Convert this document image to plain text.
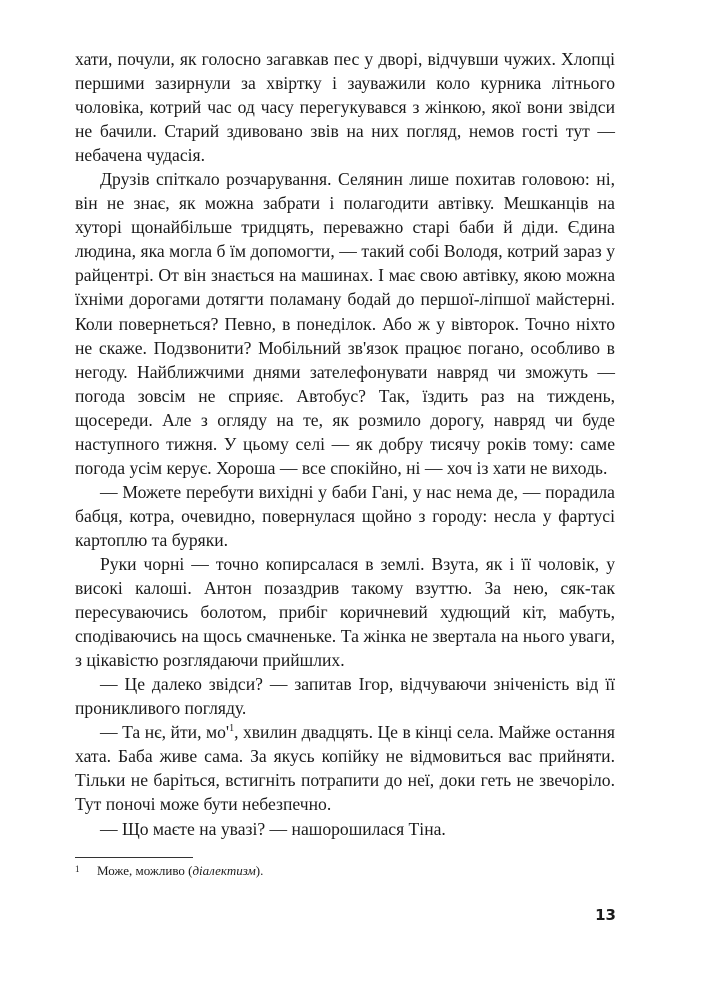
хати, почули, як голосно загавкав пес у дворі, відчувши чужих. Хлопці першими зазирнули за хвіртку і зауважили коло курника літнього чоловіка, котрий час од часу перегукувався з жінкою, якої вони звідси не бачили. Старий здивовано звів на них погляд, немов гості тут — небачена чудасія.

Друзів спіткало розчарування. Селянин лише похитав головою: ні, він не знає, як можна забрати і полагодити автівку. Мешканців на хуторі щонайбільше тридцять, переважно старі баби й діди. Єдина людина, яка могла б їм допомогти, — такий собі Володя, котрий зараз у райцентрі. От він знається на машинах. І має свою автівку, якою можна їхніми дорогами дотягти поламану бодай до першої-ліпшої майстерні. Коли повернеться? Певно, в понеділок. Або ж у вівторок. Точно ніхто не скаже. Подзвонити? Мобільний зв'язок працює погано, особливо в негоду. Найближчими днями зателефонувати навряд чи зможуть — погода зовсім не сприяє. Автобус? Так, їздить раз на тиждень, щосереди. Але з огляду на те, як розмило дорогу, навряд чи буде наступного тижня. У цьому селі — як добру тисячу років тому: саме погода усім керує. Хороша — все спокійно, ні — хоч із хати не виходь.

— Можете перебути вихідні у баби Гані, у нас нема де, — порадила бабця, котра, очевидно, повернулася щойно з городу: несла у фартусі картоплю та буряки.

Руки чорні — точно копирсалася в землі. Взута, як і її чоловік, у високі калоші. Антон позаздрив такому взуттю. За нею, сяк-так пересуваючись болотом, прибіг коричневий худющий кіт, мабуть, сподіваючись на щось смачненьке. Та жінка не звертала на нього уваги, з цікавістю розглядаючи прийшлих.

— Це далеко звідси? — запитав Ігор, відчуваючи зніченість від її проникливого погляду.

— Та нє, йти, мо'$^1$, хвилин двадцять. Це в кінці села. Майже остання хата. Баба живе сама. За якусь копійку не відмовиться вас прийняти. Тільки не баріться, встигніть потрапити до неї, доки геть не звечоріло. Тут поночі може бути небезпечно.

— Що маєте на увазі? — нашорошилася Тіна.

1 Може, можливо (діалектизм).
13
